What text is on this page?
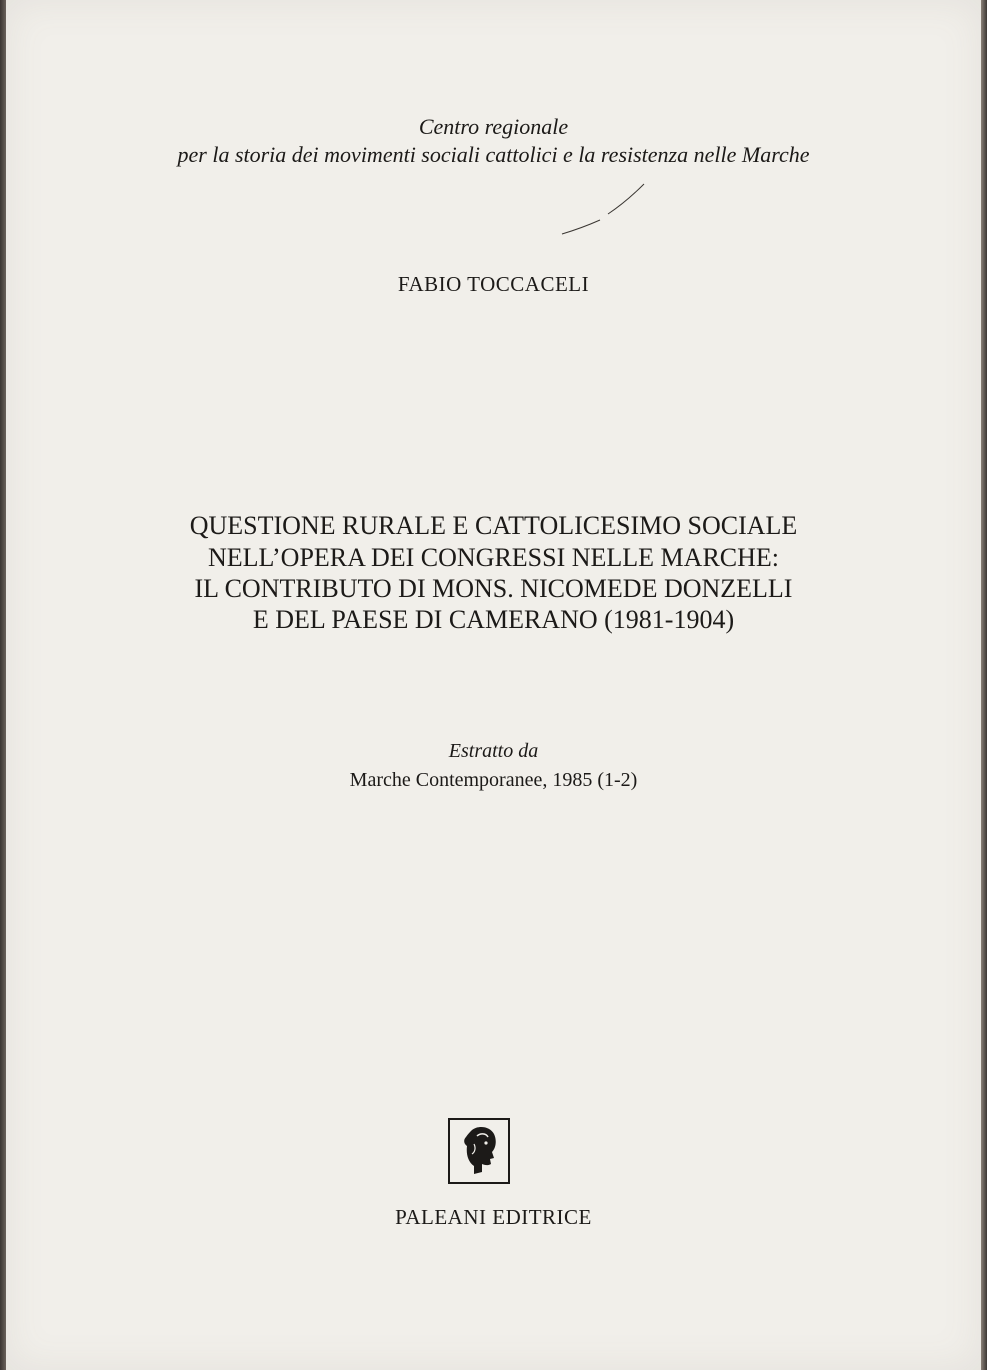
Centro regionale
per la storia dei movimenti sociali cattolici e la resistenza nelle Marche
FABIO TOCCACELI
QUESTIONE RURALE E CATTOLICESIMO SOCIALE
NELL’OPERA DEI CONGRESSI NELLE MARCHE:
IL CONTRIBUTO DI MONS. NICOMEDE DONZELLI
E DEL PAESE DI CAMERANO (1981-1904)
Estratto da
Marche Contemporanee, 1985 (1-2)
PALEANI EDITRICE
